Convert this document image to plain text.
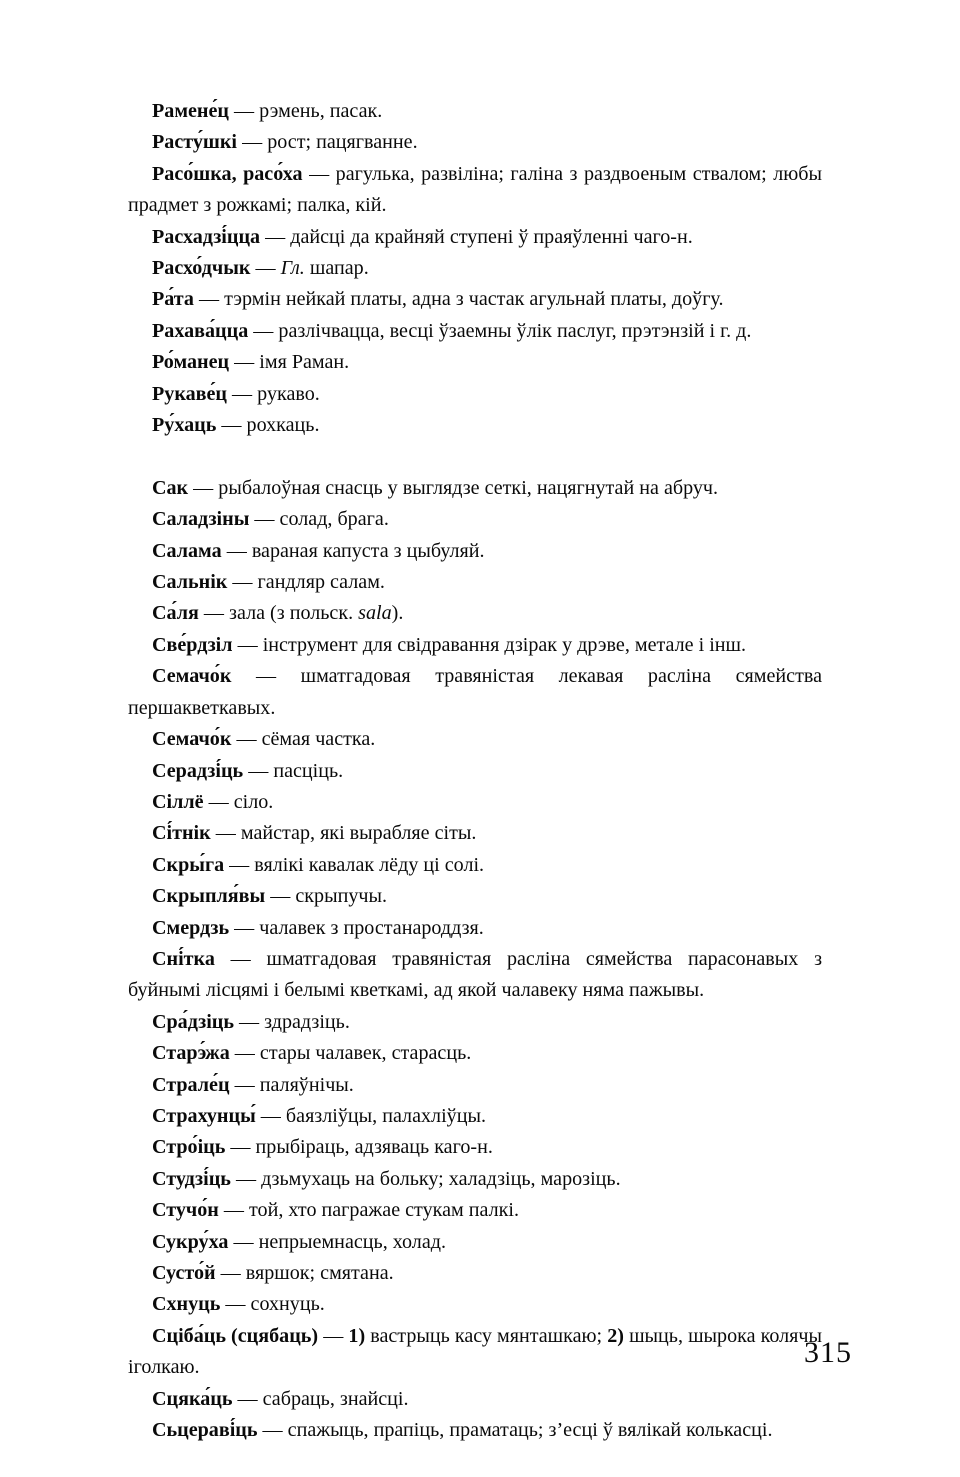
Рамене́ц — рэмень, пасак.

Расту́шкі — рост; пацягванне.

Расо́шка, расо́ха — рагулька, развіліна; галіна з раздвоеным ствалом; любы прадмет з рожкамі; палка, кій.

Расхадзі́цца — дайсці да крайняй ступені ў праяўленні чаго-н.

Расхо́дчык — Гл. шапар.

Ра́та — тэрмін нейкай платы, адна з частак агульнай платы, доўгу.

Рахава́цца — разлічвацца, весці ўзаемны ўлік паслуг, прэтэнзій і г. д.

Ро́манец — імя Раман.

Рукаве́ц — рукаво.

Ру́хаць — рохкаць.

Сак — рыбалоўная снасць у выглядзе сеткі, нацягнутай на абруч.

Саладзіны — солад, брага.

Салама — вараная капуста з цыбуляй.

Сальнік — гандляр салам.

Са́ля — зала (з польск. sala).

Све́рдзіл — інструмент для свідравання дзірак у дрэве, метале і інш.

Семачо́к — шматгадовая травяністая лекавая расліна сямейства першакветкавых.

Семачо́к — сёмая частка.

Серадзі́ць — пасціць.

Сіллё — сіло.

Сі́тнік — майстар, які вырабляе сіты.

Скры́га — вялікі кавалак лёду ці солі.

Скрыпля́вы — скрыпучы.

Смердзь — чалавек з простанароддзя.

Сні́тка — шматгадовая травяністая расліна сямейства парасонавых з буйнымі лісцямі і белымі кветкамі, ад якой чалавеку няма пажывы.

Сра́дзіць — здрадзіць.

Старэ́жа — стары чалавек, старасць.

Страле́ц — паляўнічы.

Страхунцы́ — баязліўцы, палахліўцы.

Стро́іць — прыбіраць, адзяваць каго-н.

Студзі́ць — дзьмухаць на больку; халадзіць, марозіць.

Стучо́н — той, хто пагражае стукам палкі.

Сукру́ха — непрыемнасць, холад.

Сусто́й — вяршок; смятана.

Схнуць — сохнуць.

Сціба́ць (сцябаць) — 1) вастрыць касу мянташкаю; 2) шыць, шырока колячы іголкаю.

Сцяка́ць — сабраць, знайсці.

Сьцераві́ць — спажыць, прапіць, праматаць; з’есці ў вялікай колькасці.

315
